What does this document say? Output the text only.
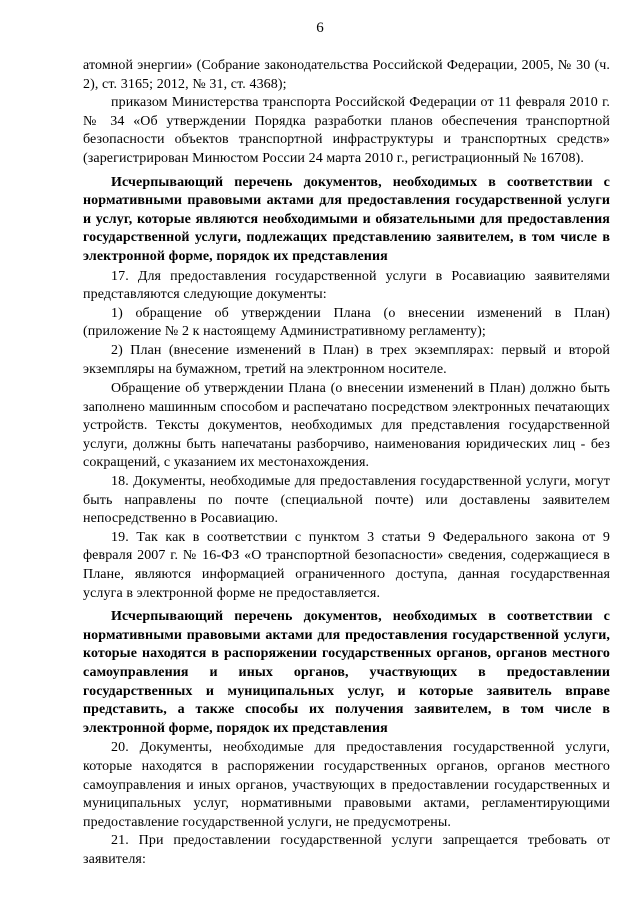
6

атомной энергии» (Собрание законодательства Российской Федерации, 2005, № 30 (ч. 2), ст. 3165; 2012, № 31, ст. 4368);

приказом Министерства транспорта Российской Федерации от 11 февраля 2010 г. № 34 «Об утверждении Порядка разработки планов обеспечения транспортной безопасности объектов транспортной инфраструктуры и транспортных средств» (зарегистрирован Минюстом России 24 марта 2010 г., регистрационный № 16708).

Исчерпывающий перечень документов, необходимых в соответствии с нормативными правовыми актами для предоставления государственной услуги и услуг, которые являются необходимыми и обязательными для предоставления государственной услуги, подлежащих представлению заявителем, в том числе в электронной форме, порядок их представления

17. Для предоставления государственной услуги в Росавиацию заявителями представляются следующие документы:

1) обращение об утверждении Плана (о внесении изменений в План) (приложение № 2 к настоящему Административному регламенту);

2) План (внесение изменений в План) в трех экземплярах: первый и второй экземпляры на бумажном, третий на электронном носителе.

Обращение об утверждении Плана (о внесении изменений в План) должно быть заполнено машинным способом и распечатано посредством электронных печатающих устройств. Тексты документов, необходимых для представления государственной услуги, должны быть напечатаны разборчиво, наименования юридических лиц - без сокращений, с указанием их местонахождения.

18. Документы, необходимые для предоставления государственной услуги, могут быть направлены по почте (специальной почте) или доставлены заявителем непосредственно в Росавиацию.

19. Так как в соответствии с пунктом 3 статьи 9 Федерального закона от 9 февраля 2007 г. № 16-ФЗ «О транспортной безопасности» сведения, содержащиеся в Плане, являются информацией ограниченного доступа, данная государственная услуга в электронной форме не предоставляется.

Исчерпывающий перечень документов, необходимых в соответствии с нормативными правовыми актами для предоставления государственной услуги, которые находятся в распоряжении государственных органов, органов местного самоуправления и иных органов, участвующих в предоставлении государственных и муниципальных услуг, и которые заявитель вправе представить, а также способы их получения заявителем, в том числе в электронной форме, порядок их представления

20. Документы, необходимые для предоставления государственной услуги, которые находятся в распоряжении государственных органов, органов местного самоуправления и иных органов, участвующих в предоставлении государственных и муниципальных услуг, нормативными правовыми актами, регламентирующими предоставление государственной услуги, не предусмотрены.

21. При предоставлении государственной услуги запрещается требовать от заявителя:
